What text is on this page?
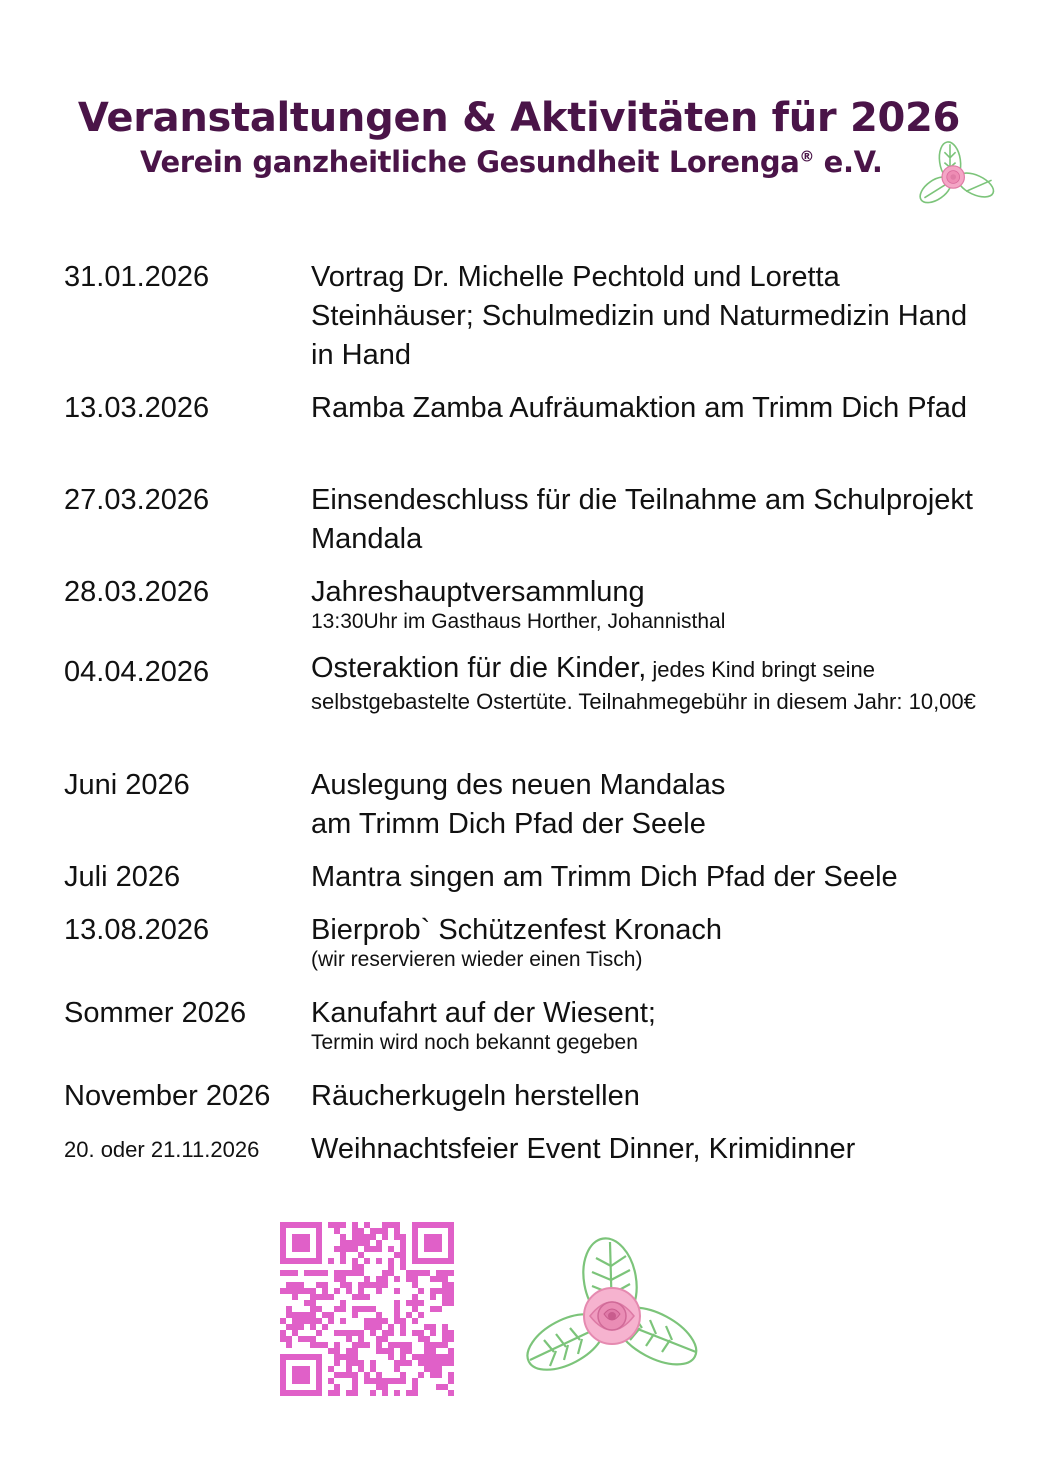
Veranstaltungen & Aktivitäten für 2026
Verein ganzheitliche Gesundheit Lorenga® e.V.
31.01.2026	Vortrag Dr. Michelle Pechtold und Loretta Steinhäuser; Schulmedizin und Naturmedizin Hand in Hand
13.03.2026	Ramba Zamba Aufräumaktion am Trimm Dich Pfad
27.03.2026	Einsendeschluss für die Teilnahme am Schulprojekt Mandala
28.03.2026	Jahreshauptversammlung
13:30Uhr im Gasthaus Horther, Johannisthal
04.04.2026	Osteraktion für die Kinder, jedes Kind bringt seine selbstgebastelte Ostertüte. Teilnahmegebühr in diesem Jahr: 10,00€
Juni 2026	Auslegung des neuen Mandalas
am Trimm Dich Pfad der Seele
Juli 2026	Mantra singen am Trimm Dich Pfad der Seele
13.08.2026	Bierprob` Schützenfest Kronach
(wir reservieren wieder einen Tisch)
Sommer 2026	Kanufahrt auf der Wiesent;
Termin wird noch bekannt gegeben
November 2026	Räucherkugeln herstellen
20. oder 21.11.2026	Weihnachtsfeier Event Dinner, Krimidinner
